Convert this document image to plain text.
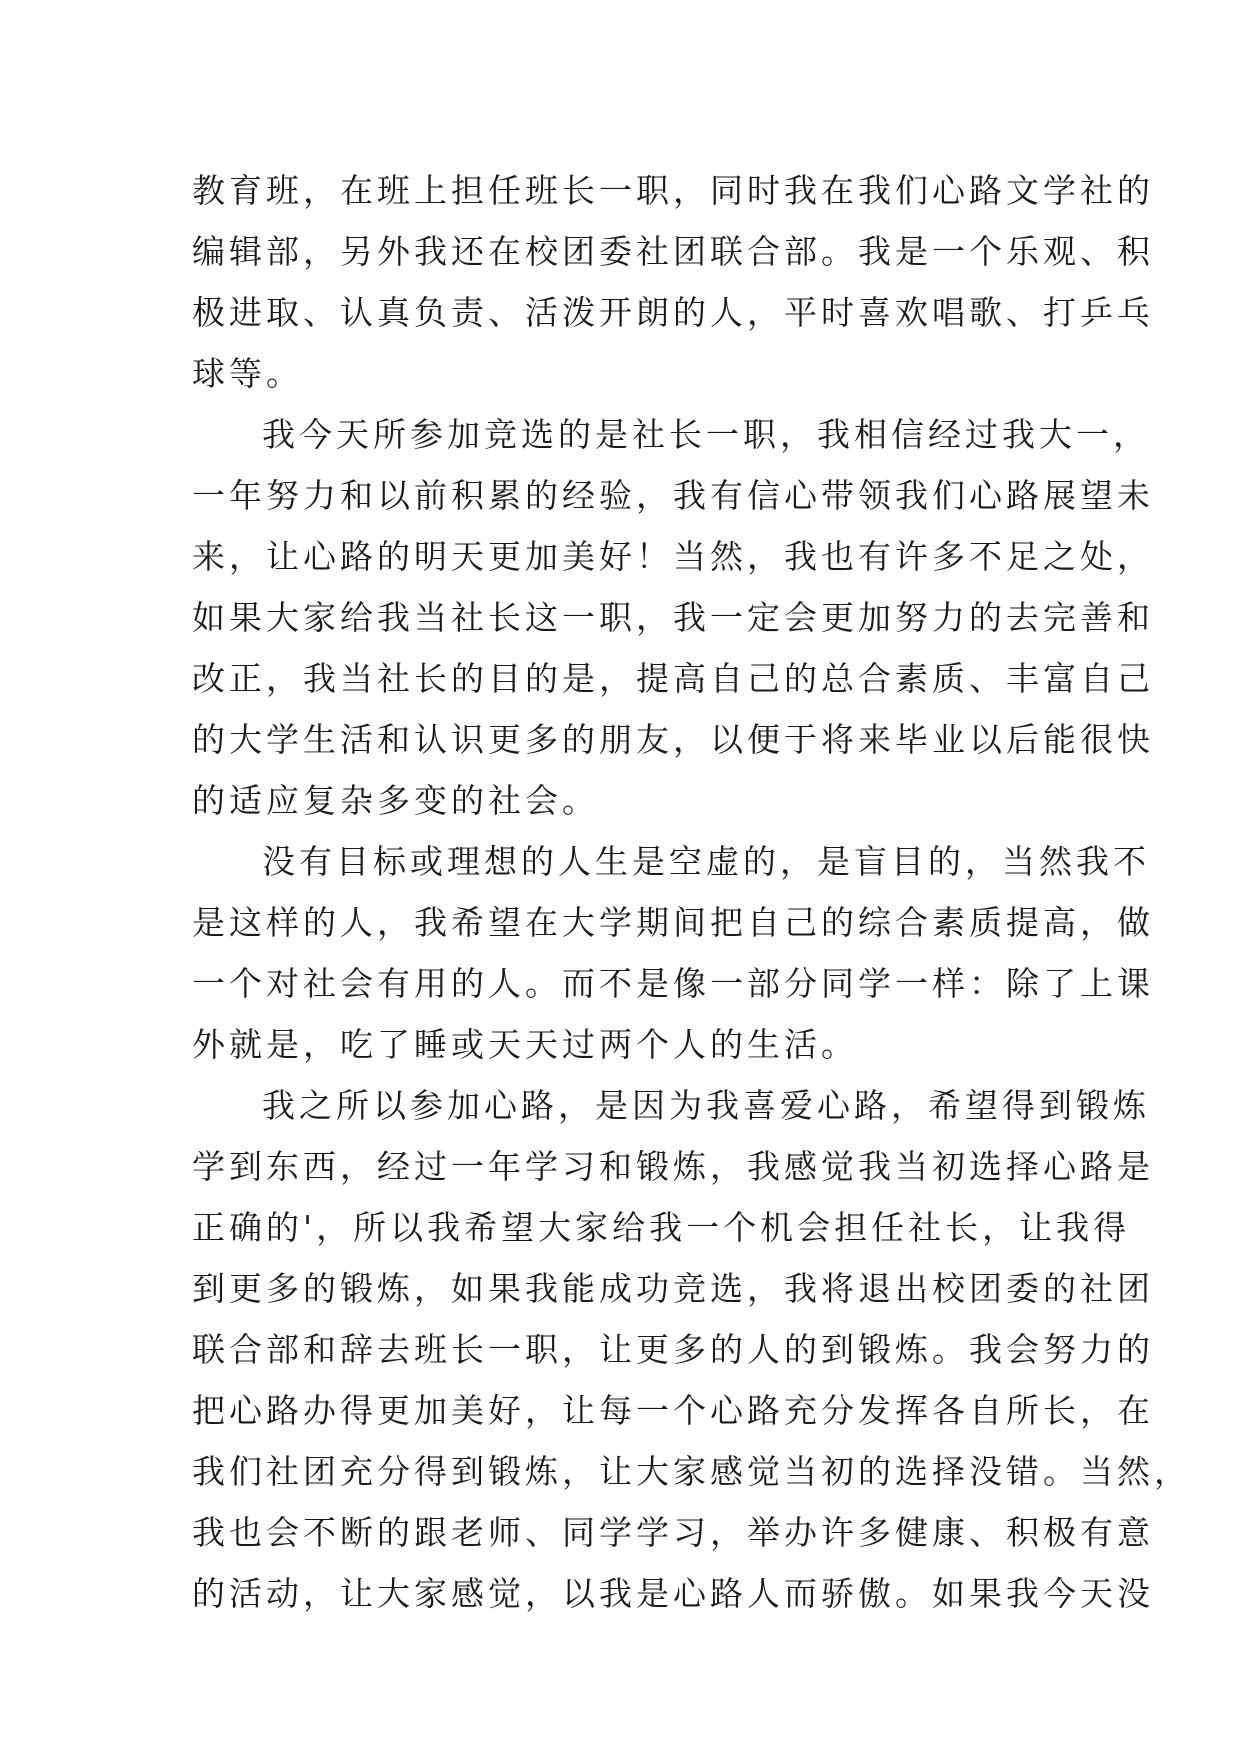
教育班，在班上担任班长一职，同时我在我们心路文学社的
编辑部，另外我还在校团委社团联合部。我是一个乐观、积
极进取、认真负责、活泼开朗的人，平时喜欢唱歌、打乒乓
球等。
我今天所参加竞选的是社长一职，我相信经过我大一，
一年努力和以前积累的经验，我有信心带领我们心路展望未
来，让心路的明天更加美好！当然，我也有许多不足之处，
如果大家给我当社长这一职，我一定会更加努力的去完善和
改正，我当社长的目的是，提高自己的总合素质、丰富自己
的大学生活和认识更多的朋友，以便于将来毕业以后能很快
的适应复杂多变的社会。
没有目标或理想的人生是空虚的，是盲目的，当然我不
是这样的人，我希望在大学期间把自己的综合素质提高，做
一个对社会有用的人。而不是像一部分同学一样：除了上课
外就是，吃了睡或天天过两个人的生活。
我之所以参加心路，是因为我喜爱心路，希望得到锻炼
学到东西，经过一年学习和锻炼，我感觉我当初选择心路是
正确的'，所以我希望大家给我一个机会担任社长，让我得
到更多的锻炼，如果我能成功竞选，我将退出校团委的社团
联合部和辞去班长一职，让更多的人的到锻炼。我会努力的
把心路办得更加美好，让每一个心路充分发挥各自所长，在
我们社团充分得到锻炼，让大家感觉当初的选择没错。当然，
我也会不断的跟老师、同学学习，举办许多健康、积极有意
的活动，让大家感觉，以我是心路人而骄傲。如果我今天没
